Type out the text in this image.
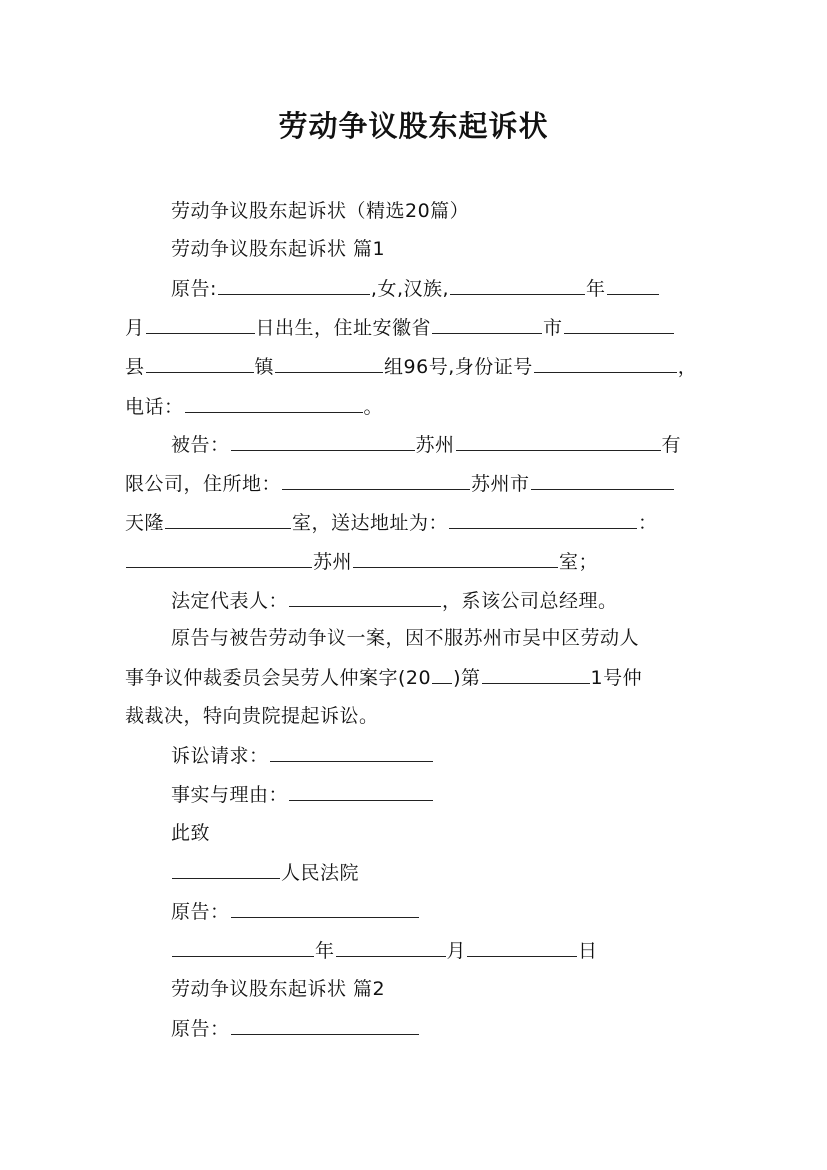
劳动争议股东起诉状
劳动争议股东起诉状（精选20篇）
劳动争议股东起诉状 篇1
原告:	,女,汉族,	年
月	日出生，住址安徽省	市
县	镇	组96号,身份证号	，
电话：	。
被告：	苏州	有
限公司，住所地：	苏州市
天隆	室，送达地址为：	：
苏州	室；
法定代表人：	，系该公司总经理。
原告与被告劳动争议一案，因不服苏州市吴中区劳动人
事争议仲裁委员会吴劳人仲案字(20 )第	1号仲
裁裁决，特向贵院提起诉讼。
诉讼请求：
事实与理由：
此致
人民法院
原告：
年	月	日
劳动争议股东起诉状 篇2
原告：
